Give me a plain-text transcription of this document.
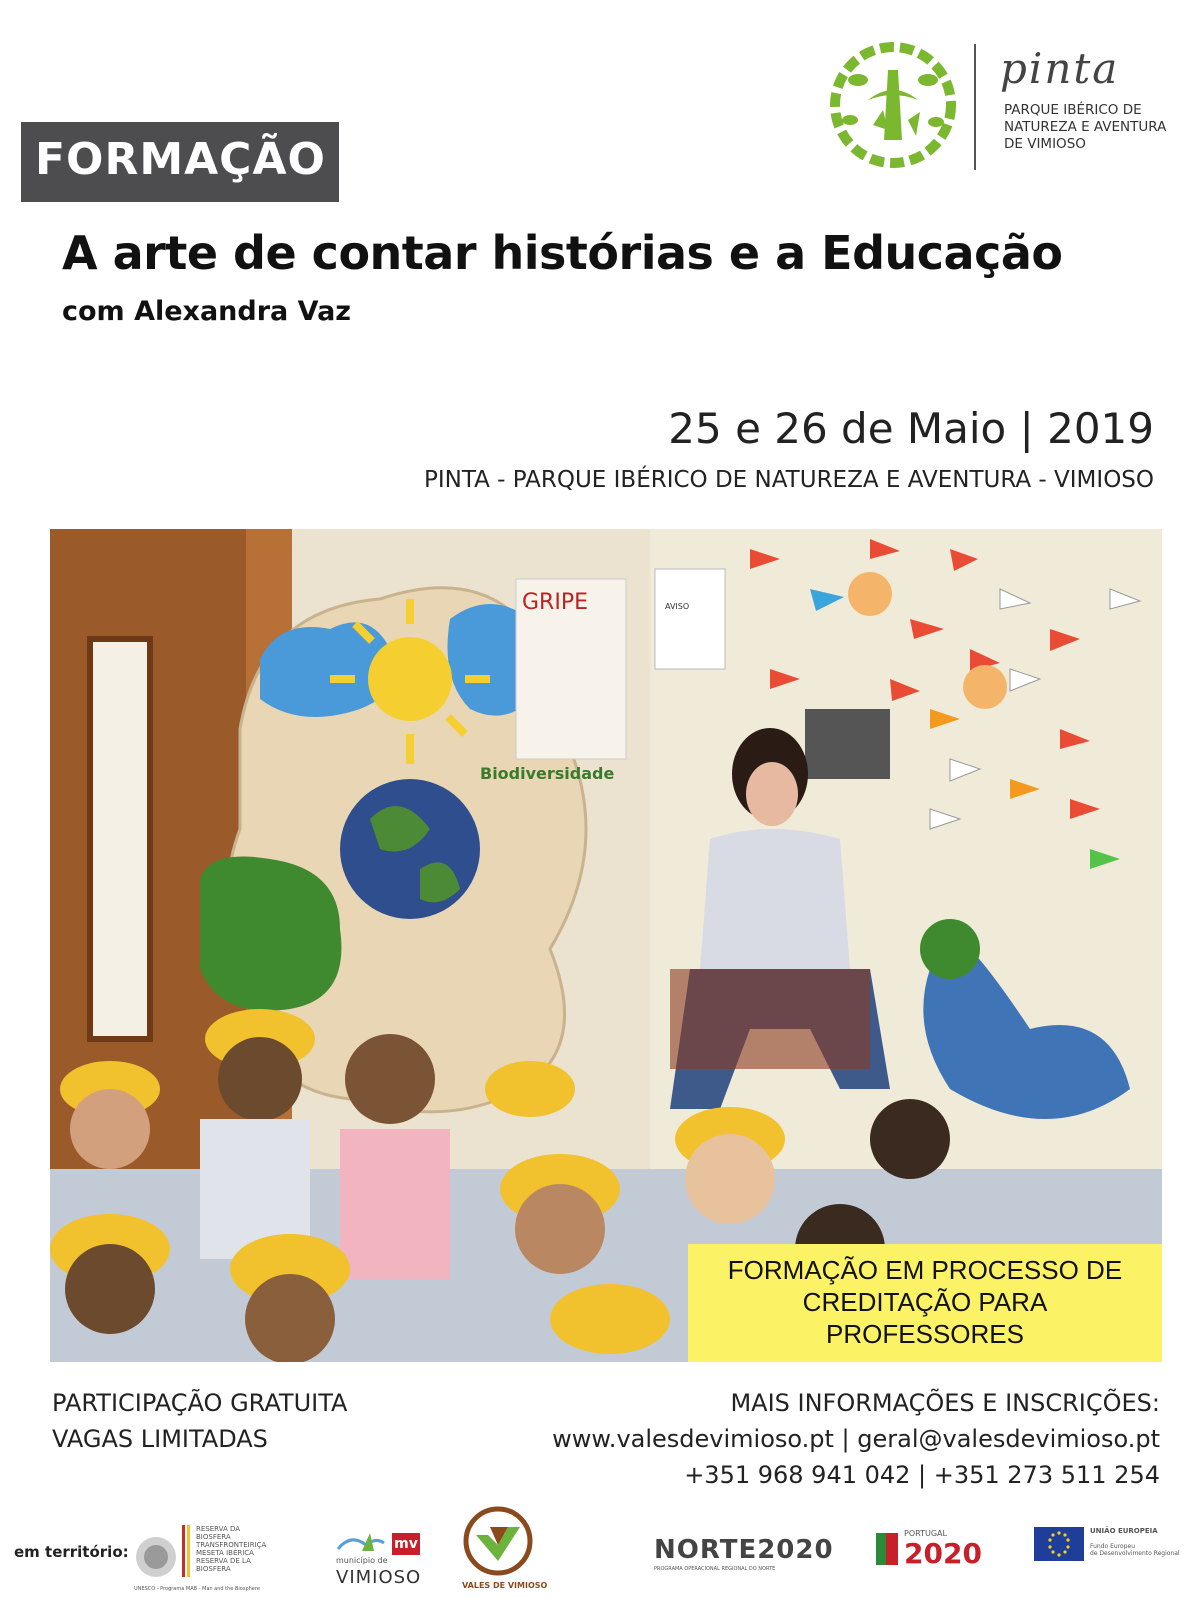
pinta
PARQUE IBÉRICO DE
NATUREZA E AVENTURA
DE VIMIOSO
FORMAÇÃO
A arte de contar histórias e a Educação
com Alexandra Vaz
25 e 26 de Maio | 2019
PINTA - PARQUE IBÉRICO DE NATUREZA E AVENTURA - VIMIOSO
Biodiversidade
GRIPE	AVISO
FORMAÇÃO EM PROCESSO DE
CREDITAÇÃO PARA
PROFESSORES
PARTICIPAÇÃO GRATUITA
VAGAS LIMITADAS
MAIS INFORMAÇÕES E INSCRIÇÕES:
www.valesdevimioso.pt | geral@valesdevimioso.pt
+351 968 941 042 | +351 273 511 254
em território:
RESERVA DA
BIOSFERA
TRANSFRONTEIRIÇA
MESETA IBÉRICA
RESERVA DE LA
BIOSFERA
UNESCO - Programa MAB - Man and the Biosphere
mv
município de
VIMIOSO	VALES DE VIMIOSO
NORTE2020
PROGRAMA OPERACIONAL REGIONAL DO NORTE
PORTUGAL
2020
UNIÃO EUROPEIA
Fundo Europeu
de Desenvolvimento Regional
